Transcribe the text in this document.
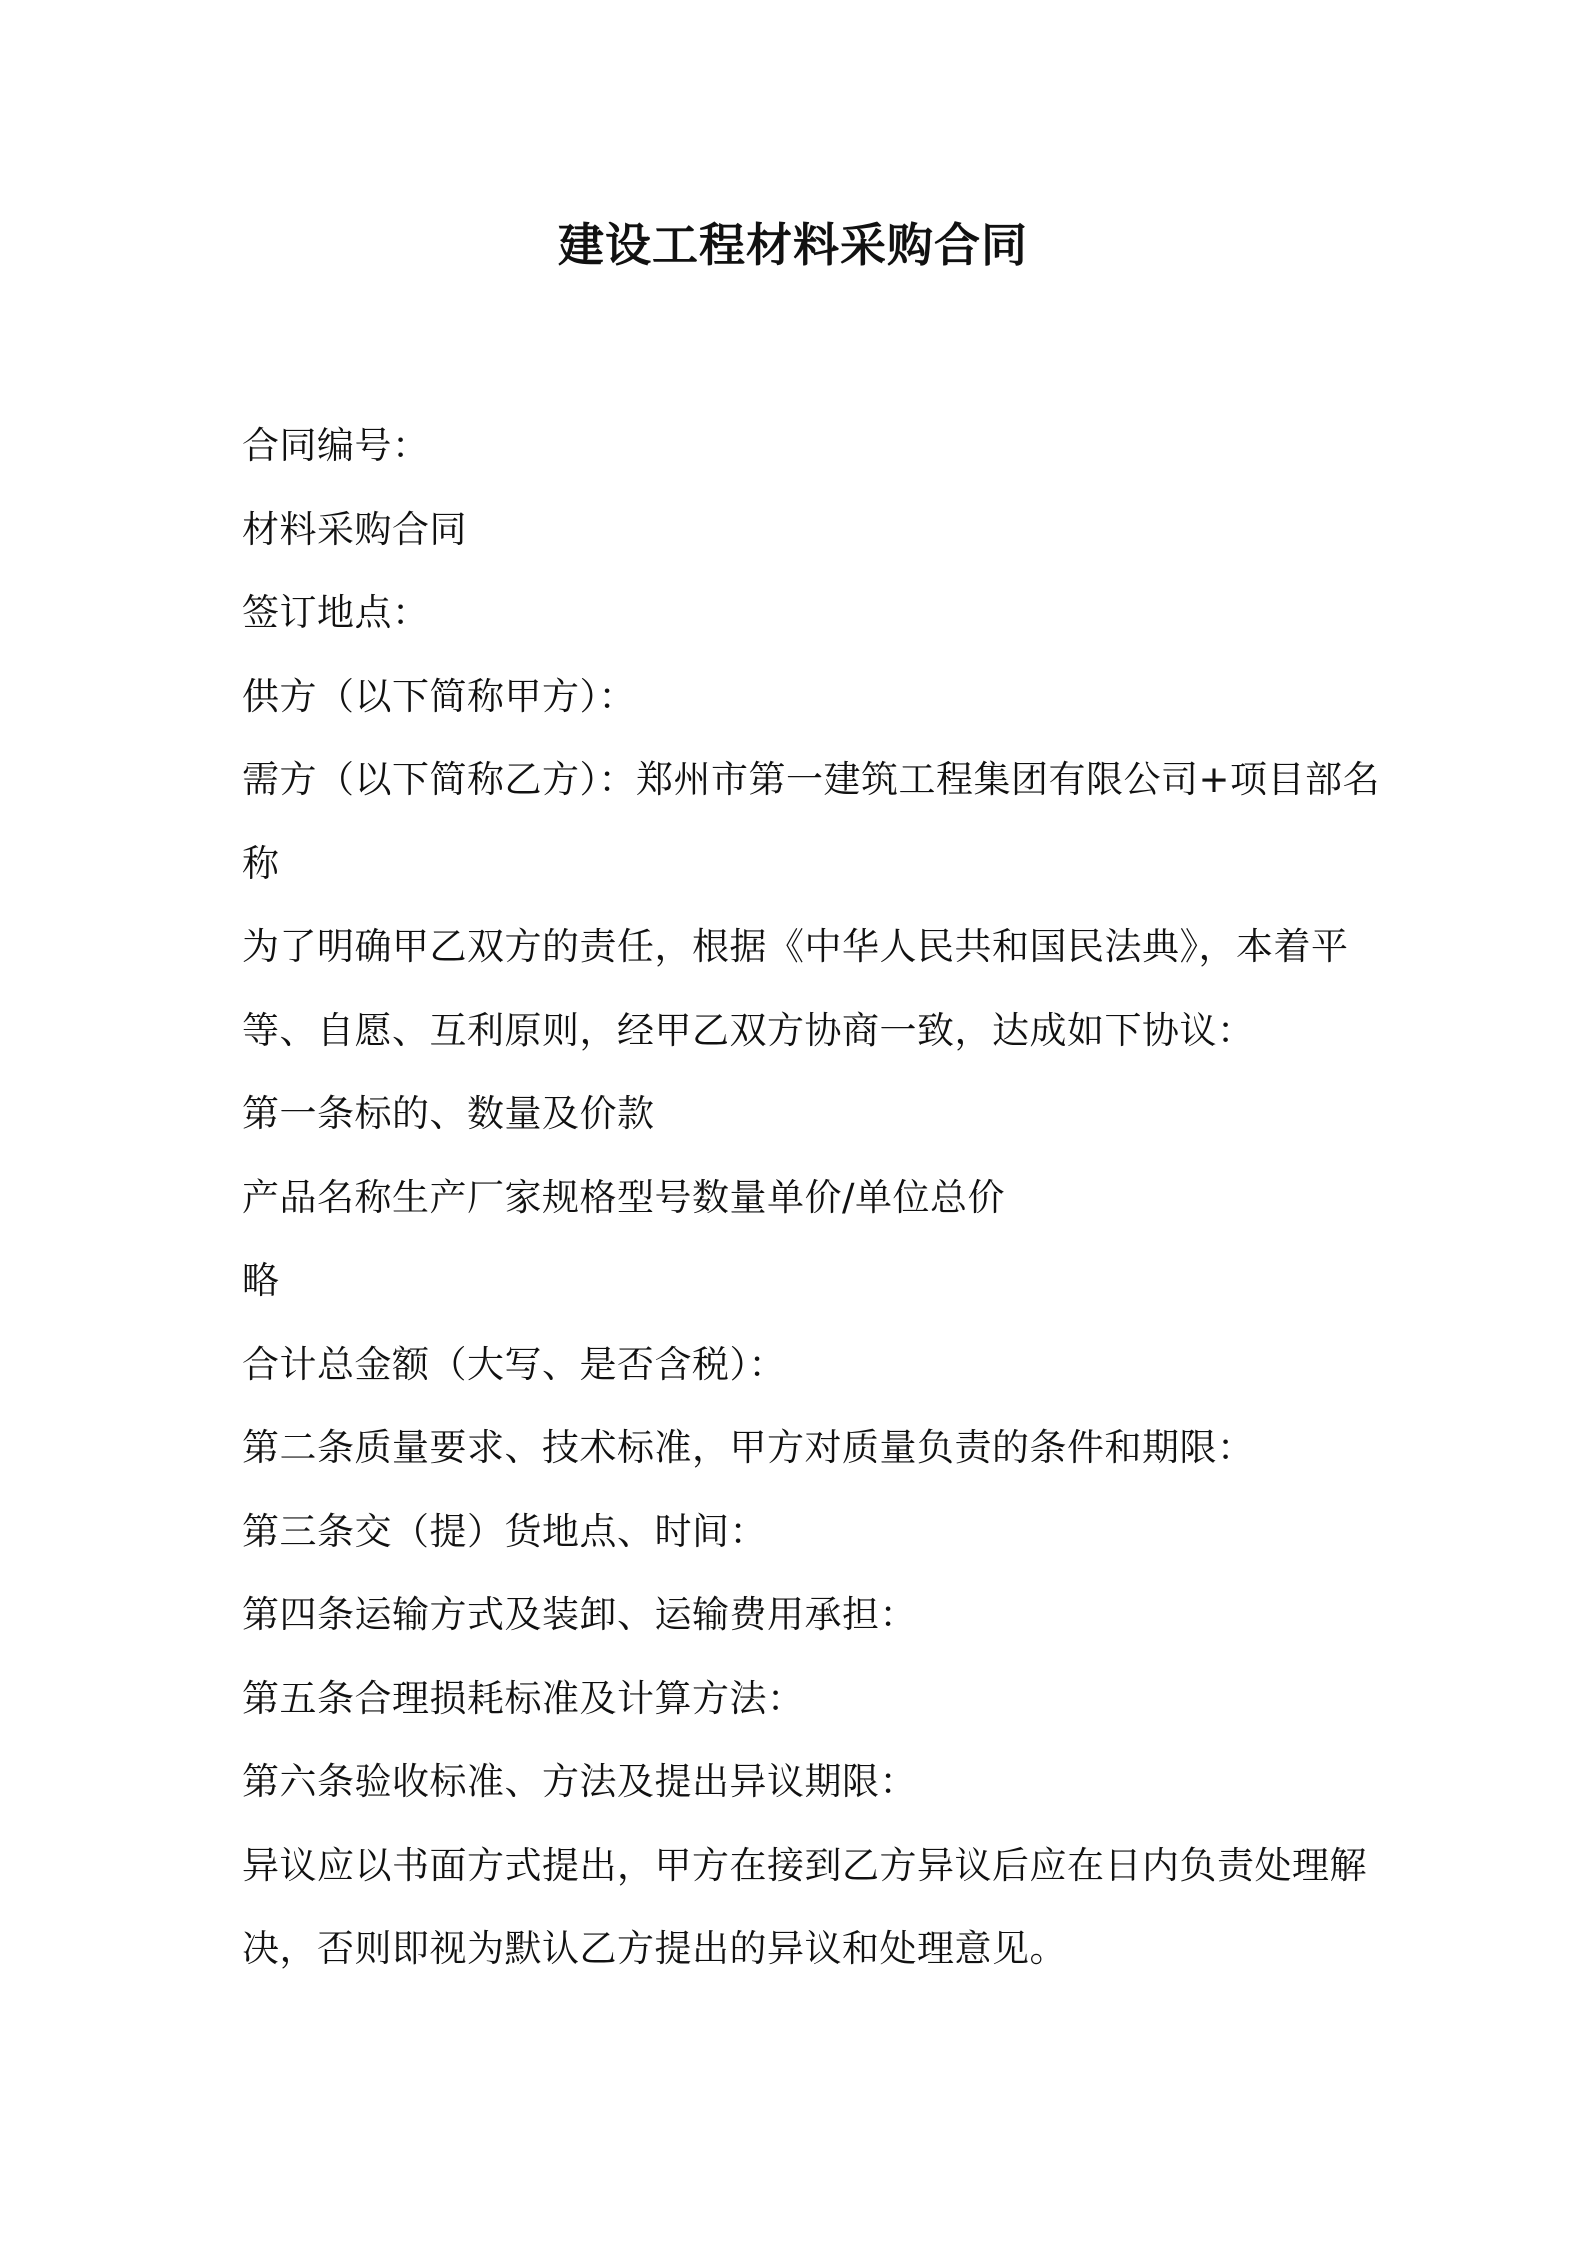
建设工程材料采购合同
合同编号：
材料采购合同
签订地点：
供方（以下简称甲方）：
需方（以下简称乙方）：郑州市第一建筑工程集团有限公司+项目部名
称
为了明确甲乙双方的责任，根据《中华人民共和国民法典》，本着平
等、自愿、互利原则，经甲乙双方协商一致，达成如下协议：
第一条标的、数量及价款
产品名称生产厂家规格型号数量单价/单位总价
略
合计总金额（大写、是否含税）：
第二条质量要求、技术标准，甲方对质量负责的条件和期限：
第三条交（提）货地点、时间：
第四条运输方式及装卸、运输费用承担：
第五条合理损耗标准及计算方法：
第六条验收标准、方法及提出异议期限：
异议应以书面方式提出，甲方在接到乙方异议后应在日内负责处理解
决，否则即视为默认乙方提出的异议和处理意见。
